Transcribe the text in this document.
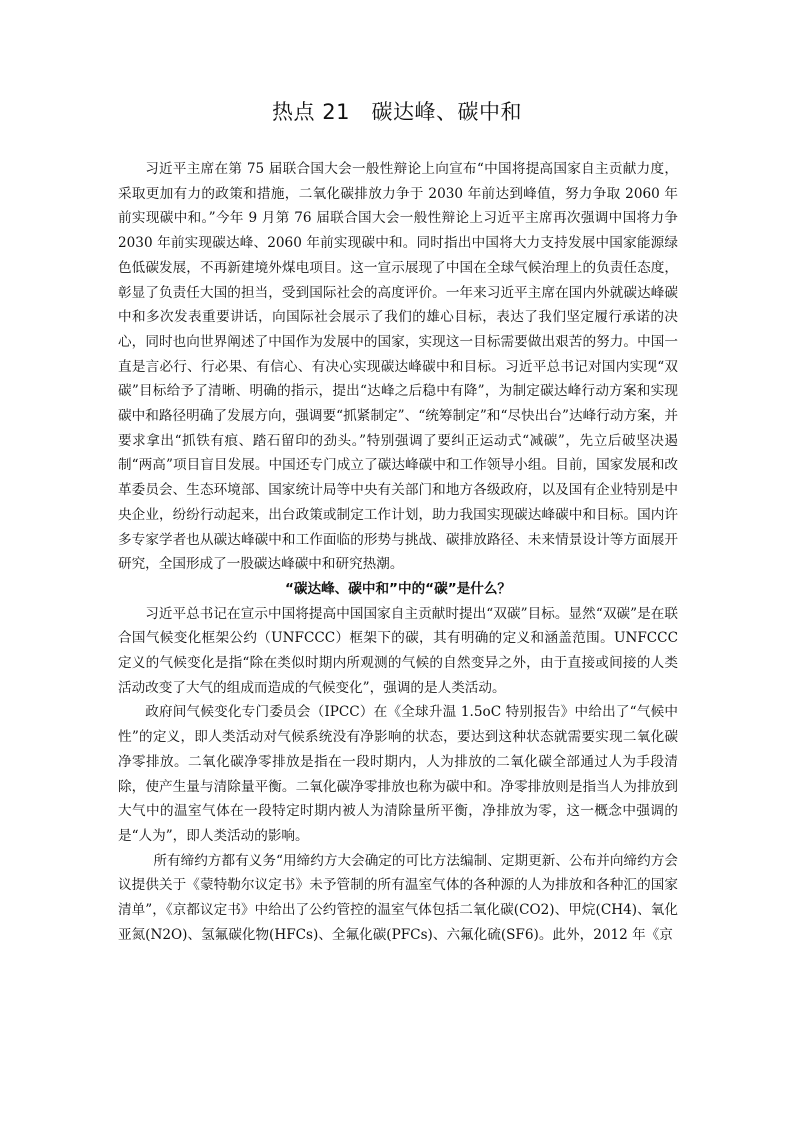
热点 21　碳达峰、碳中和

习近平主席在第 75 届联合国大会一般性辩论上向宣布“中国将提高国家自主贡献力度，采取更加有力的政策和措施，二氧化碳排放力争于 2030 年前达到峰值，努力争取 2060 年前实现碳中和。”今年 9 月第 76 届联合国大会一般性辩论上习近平主席再次强调中国将力争 2030 年前实现碳达峰、2060 年前实现碳中和。同时指出中国将大力支持发展中国家能源绿色低碳发展，不再新建境外煤电项目。这一宣示展现了中国在全球气候治理上的负责任态度，彰显了负责任大国的担当，受到国际社会的高度评价。一年来习近平主席在国内外就碳达峰碳中和多次发表重要讲话，向国际社会展示了我们的雄心目标，表达了我们坚定履行承诺的决心，同时也向世界阐述了中国作为发展中的国家，实现这一目标需要做出艰苦的努力。中国一直是言必行、行必果、有信心、有决心实现碳达峰碳中和目标。习近平总书记对国内实现“双碳”目标给予了清晰、明确的指示，提出“达峰之后稳中有降”，为制定碳达峰行动方案和实现碳中和路径明确了发展方向，强调要“抓紧制定”、“统筹制定”和“尽快出台”达峰行动方案，并要求拿出“抓铁有痕、踏石留印的劲头。”特别强调了要纠正运动式“减碳”，先立后破坚决遏制“两高”项目盲目发展。中国还专门成立了碳达峰碳中和工作领导小组。目前，国家发展和改革委员会、生态环境部、国家统计局等中央有关部门和地方各级政府，以及国有企业特别是中央企业，纷纷行动起来，出台政策或制定工作计划，助力我国实现碳达峰碳中和目标。国内许多专家学者也从碳达峰碳中和工作面临的形势与挑战、碳排放路径、未来情景设计等方面展开研究，全国形成了一股碳达峰碳中和研究热潮。

“碳达峰、碳中和”中的“碳”是什么？

习近平总书记在宣示中国将提高中国国家自主贡献时提出“双碳”目标。显然“双碳”是在联合国气候变化框架公约（UNFCCC）框架下的碳，其有明确的定义和涵盖范围。UNFCCC 定义的气候变化是指“除在类似时期内所观测的气候的自然变异之外，由于直接或间接的人类活动改变了大气的组成而造成的气候变化”，强调的是人类活动。

政府间气候变化专门委员会（IPCC）在《全球升温 1.5oC 特别报告》中给出了“气候中性”的定义，即人类活动对气候系统没有净影响的状态，要达到这种状态就需要实现二氧化碳净零排放。二氧化碳净零排放是指在一段时期内，人为排放的二氧化碳全部通过人为手段清除，使产生量与清除量平衡。二氧化碳净零排放也称为碳中和。净零排放则是指当人为排放到大气中的温室气体在一段特定时期内被人为清除量所平衡，净排放为零，这一概念中强调的是“人为”，即人类活动的影响。

所有缔约方都有义务“用缔约方大会确定的可比方法编制、定期更新、公布并向缔约方会议提供关于《蒙特勒尔议定书》未予管制的所有温室气体的各种源的人为排放和各种汇的国家清单”，《京都议定书》中给出了公约管控的温室气体包括二氧化碳(CO2)、甲烷(CH4)、氧化亚氮(N2O)、氢氟碳化物(HFCs)、全氟化碳(PFCs)、六氟化硫(SF6)。此外，2012 年《京
